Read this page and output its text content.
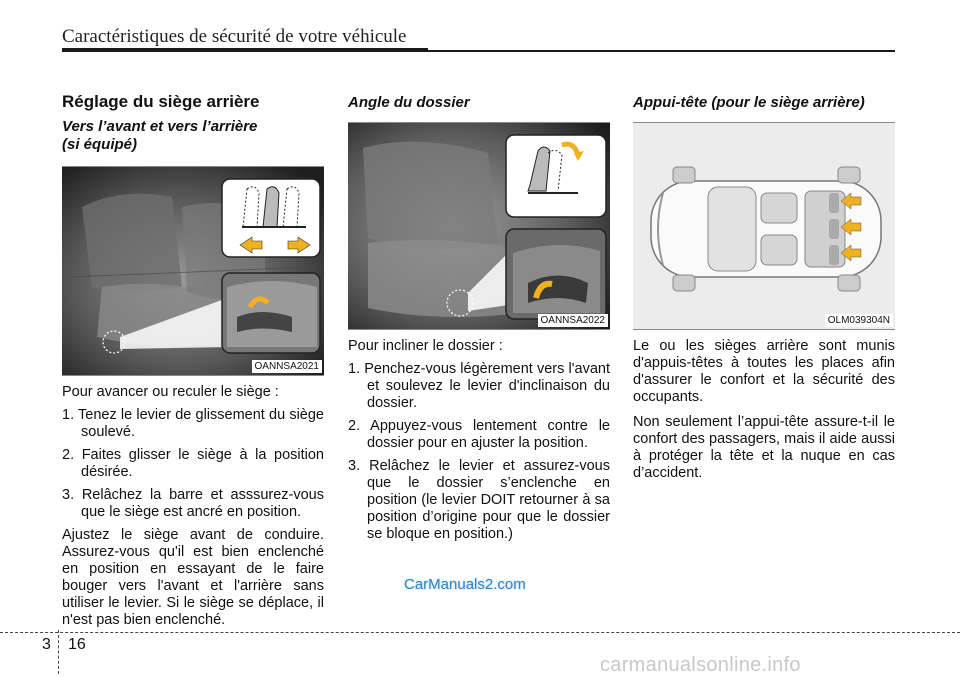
Caractéristiques de sécurité de votre véhicule
Réglage du siège arrière

Vers l’avant et vers l’arrière
(si équipé)

OANNSA2021

Pour avancer ou reculer le siège :

1. Tenez le levier de glissement du siège soulevé.
2. Faites glisser le siège à la position désirée.
3. Relâchez la barre et asssurez-vous que le siège est ancré en position.

Ajustez le siège avant de conduire. Assurez-vous qu'il est bien enclenché en position en essayant de le faire bouger vers l'avant et l'arrière sans utiliser le levier. Si le siège se déplace, il n'est pas bien enclenché.

Angle du dossier

OANNSA2022

Pour incliner le dossier :

1. Penchez-vous légèrement vers l'avant et soulevez le levier d'inclinaison du dossier.
2. Appuyez-vous lentement contre le dossier pour en ajuster la position.
3. Relâchez le levier et assurez-vous que le dossier s’enclenche en position (le levier DOIT retourner à sa position d’origine pour que le dossier se bloque en position.)

Appui-tête (pour le siège arrière)

OLM039304N

Le ou les sièges arrière sont munis d'appuis-têtes à toutes les places afin d'assurer le confort et la sécurité des occupants.

Non seulement l’appui-tête assure-t-il le confort des passagers, mais il aide aussi à protéger la tête et la nuque en cas d’accident.

CarManuals2.com
3 16
carmanualsonline.info
